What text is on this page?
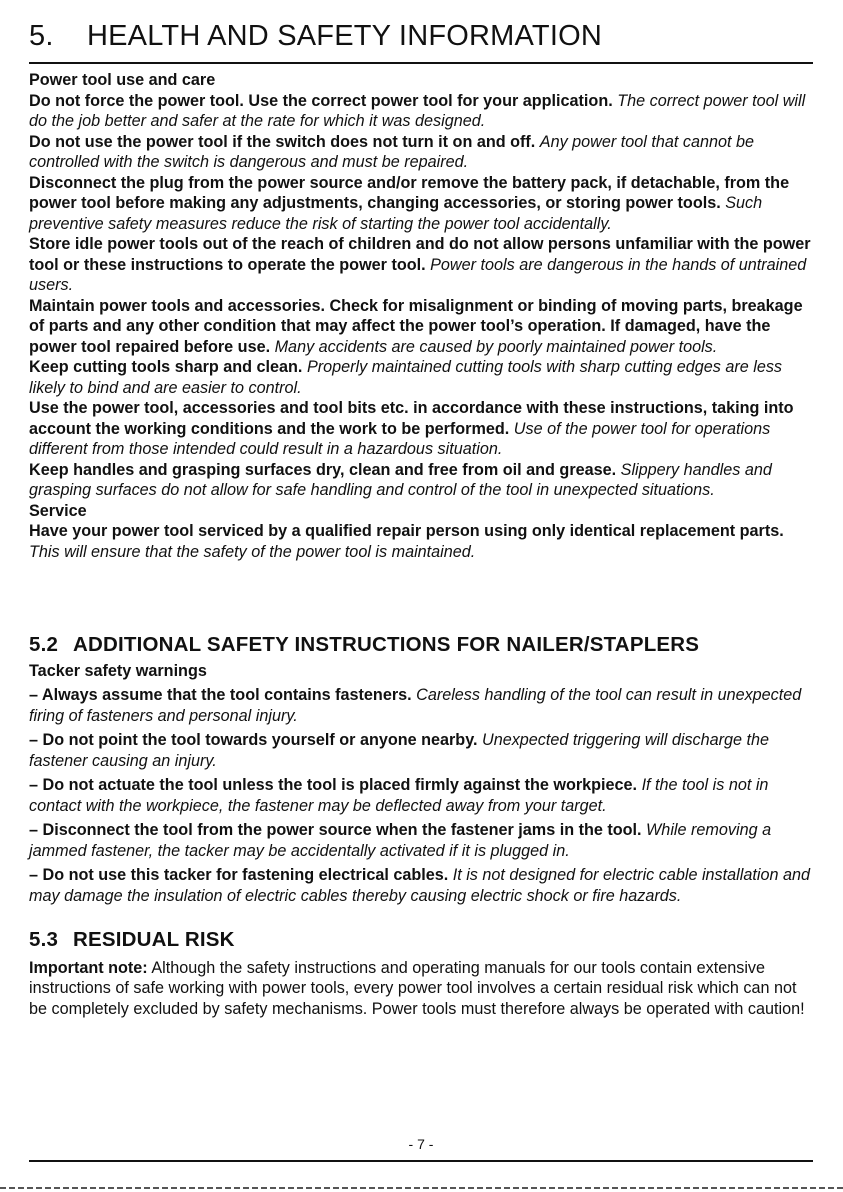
5. HEALTH AND SAFETY INFORMATION

Power tool use and care

Do not force the power tool. Use the correct power tool for your application. The correct power tool will do the job better and safer at the rate for which it was designed.

Do not use the power tool if the switch does not turn it on and off. Any power tool that cannot be controlled with the switch is dangerous and must be repaired.

Disconnect the plug from the power source and/or remove the battery pack, if detachable, from the power tool before making any adjustments, changing accessories, or storing power tools. Such preventive safety measures reduce the risk of starting the power tool accidentally.

Store idle power tools out of the reach of children and do not allow persons unfamiliar with the power tool or these instructions to operate the power tool. Power tools are dangerous in the hands of untrained users.

Maintain power tools and accessories. Check for misalignment or binding of moving parts, breakage of parts and any other condition that may affect the power tool’s operation. If damaged, have the power tool repaired before use. Many accidents are caused by poorly maintained power tools.

Keep cutting tools sharp and clean. Properly maintained cutting tools with sharp cutting edges are less likely to bind and are easier to control.

Use the power tool, accessories and tool bits etc. in accordance with these instructions, taking into account the working conditions and the work to be performed. Use of the power tool for operations different from those intended could result in a hazardous situation.

Keep handles and grasping surfaces dry, clean and free from oil and grease. Slippery handles and grasping surfaces do not allow for safe handling and control of the tool in unexpected situations.

Service

Have your power tool serviced by a qualified repair person using only identical replacement parts. This will ensure that the safety of the power tool is maintained.

5.2 ADDITIONAL SAFETY INSTRUCTIONS FOR NAILER/STAPLERS

Tacker safety warnings

– Always assume that the tool contains fasteners. Careless handling of the tool can result in unexpected firing of fasteners and personal injury.

– Do not point the tool towards yourself or anyone nearby. Unexpected triggering will discharge the fastener causing an injury.

– Do not actuate the tool unless the tool is placed firmly against the workpiece. If the tool is not in contact with the workpiece, the fastener may be deflected away from your target.

– Disconnect the tool from the power source when the fastener jams in the tool. While removing a jammed fastener, the tacker may be accidentally activated if it is plugged in.

– Do not use this tacker for fastening electrical cables. It is not designed for electric cable installation and may damage the insulation of electric cables thereby causing electric shock or fire hazards.

5.3 RESIDUAL RISK

Important note: Although the safety instructions and operating manuals for our tools contain extensive instructions of safe working with power tools, every power tool involves a certain residual risk which can not be completely excluded by safety mechanisms. Power tools must therefore always be operated with caution!

- 7 -
